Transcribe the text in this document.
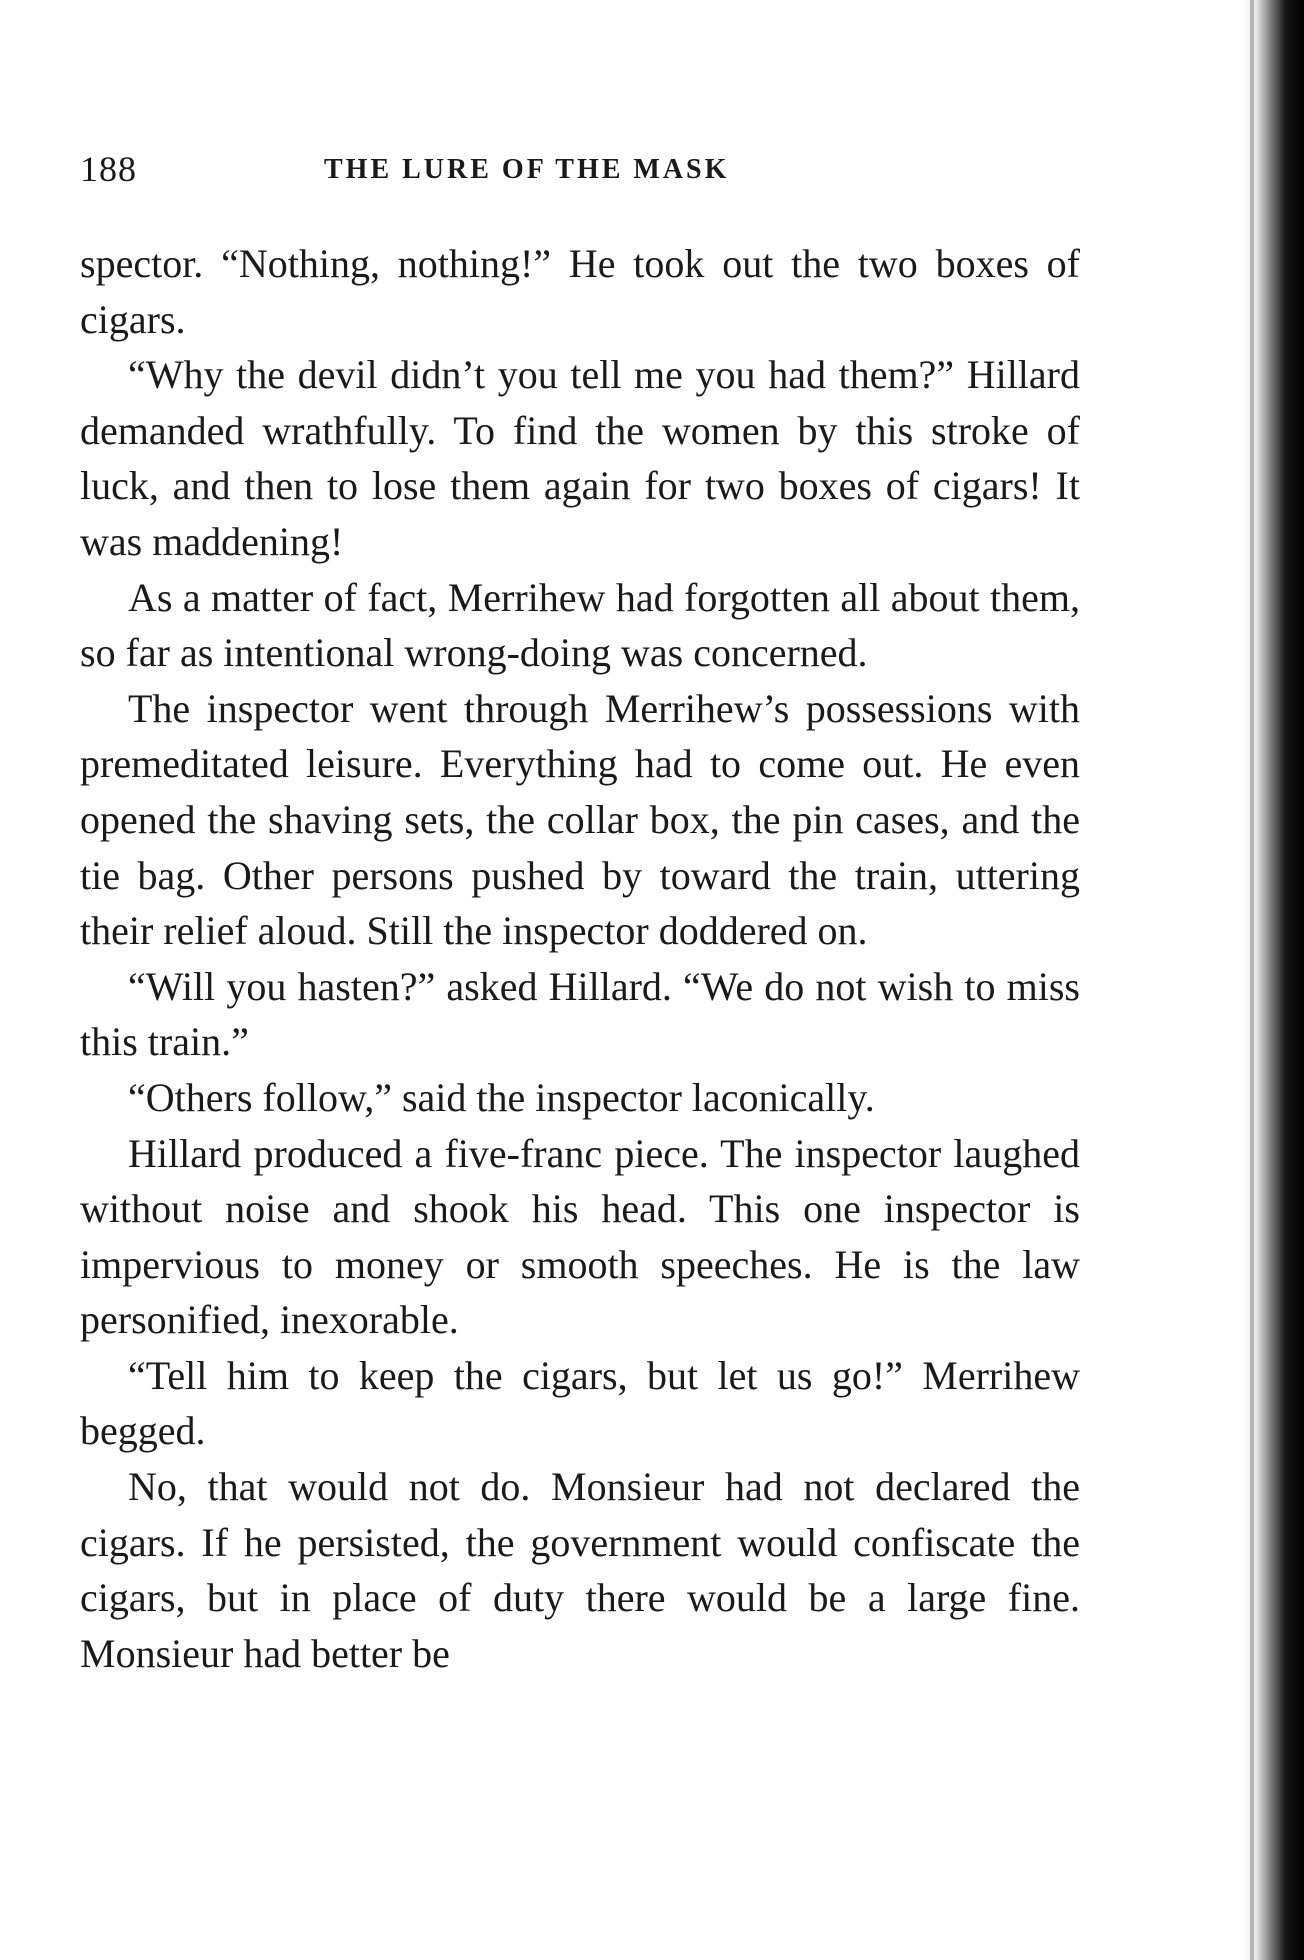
188	THE LURE OF THE MASK

spector. “Nothing, nothing!” He took out the two boxes of cigars.

“Why the devil didn’t you tell me you had them?” Hillard demanded wrathfully. To find the women by this stroke of luck, and then to lose them again for two boxes of cigars! It was maddening!

As a matter of fact, Merrihew had forgotten all about them, so far as intentional wrong-doing was concerned.

The inspector went through Merrihew’s possessions with premeditated leisure. Everything had to come out. He even opened the shaving sets, the collar box, the pin cases, and the tie bag. Other persons pushed by toward the train, uttering their relief aloud. Still the inspector doddered on.

“Will you hasten?” asked Hillard. “We do not wish to miss this train.”

“Others follow,” said the inspector laconically.

Hillard produced a five-franc piece. The inspector laughed without noise and shook his head. This one inspector is impervious to money or smooth speeches. He is the law personified, inexorable.

“Tell him to keep the cigars, but let us go!” Merrihew begged.

No, that would not do. Monsieur had not declared the cigars. If he persisted, the government would confiscate the cigars, but in place of duty there would be a large fine. Monsieur had better be
